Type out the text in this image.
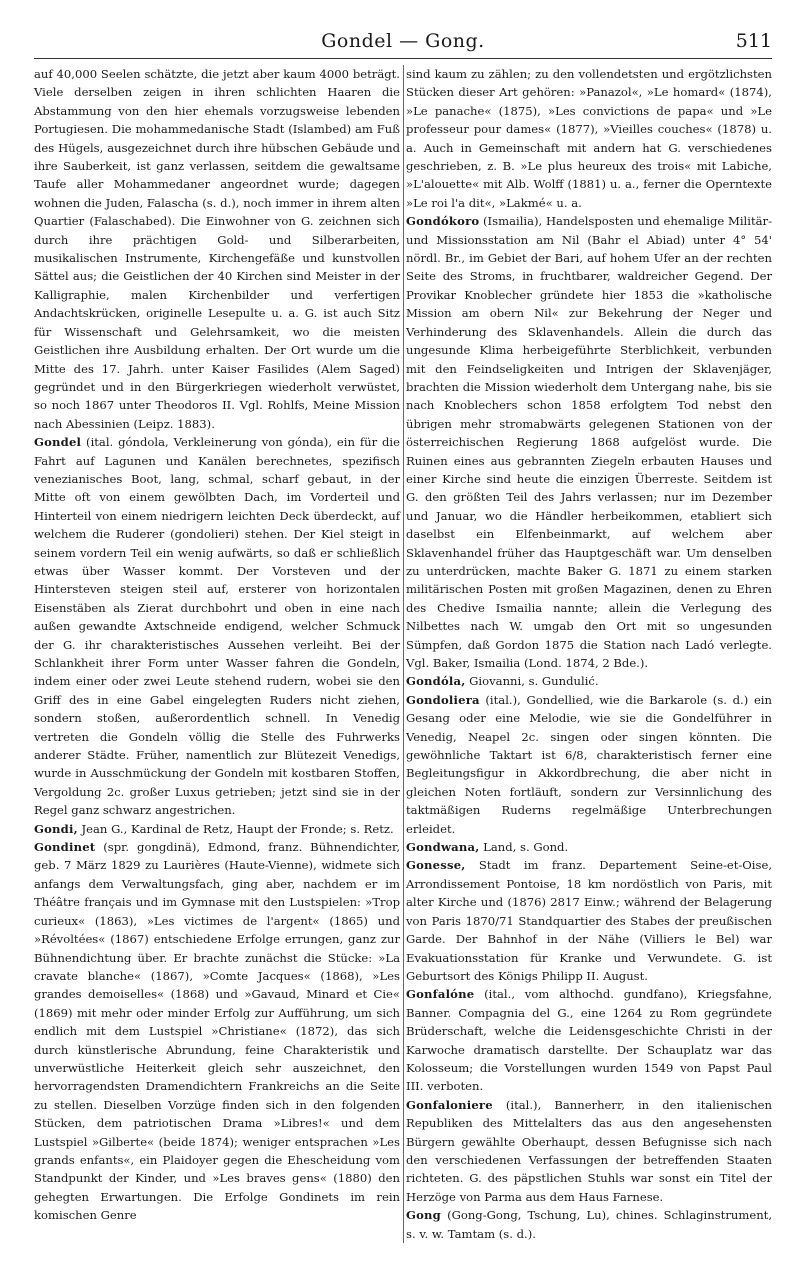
Gondel — Gong.	511

auf 40,000 Seelen schätzte, die jetzt aber kaum 4000 beträgt. Viele derselben zeigen in ihren schlichten Haaren die Abstammung von den hier ehemals vorzugsweise lebenden Portugiesen. Die mohammedanische Stadt (Islambed) am Fuß des Hügels, ausgezeichnet durch ihre hübschen Gebäude und ihre Sauberkeit, ist ganz verlassen, seitdem die gewaltsame Taufe aller Mohammedaner angeordnet wurde; dagegen wohnen die Juden, Falascha (s. d.), noch immer in ihrem alten Quartier (Falaschabed). Die Einwohner von G. zeichnen sich durch ihre prächtigen Gold- und Silberarbeiten, musikalischen Instrumente, Kirchengefäße und kunstvollen Sättel aus; die Geistlichen der 40 Kirchen sind Meister in der Kalligraphie, malen Kirchenbilder und verfertigen Andachtskrücken, originelle Lesepulte u. a. G. ist auch Sitz für Wissenschaft und Gelehrsamkeit, wo die meisten Geistlichen ihre Ausbildung erhalten. Der Ort wurde um die Mitte des 17. Jahrh. unter Kaiser Fasilides (Alem Saged) gegründet und in den Bürgerkriegen wiederholt verwüstet, so noch 1867 unter Theodoros II. Vgl. Rohlfs, Meine Mission nach Abessinien (Leipz. 1883).

Gondel (ital. góndola, Verkleinerung von gónda), ein für die Fahrt auf Lagunen und Kanälen berechnetes, spezifisch venezianisches Boot, lang, schmal, scharf gebaut, in der Mitte oft von einem gewölbten Dach, im Vorderteil und Hinterteil von einem niedrigern leichten Deck überdeckt, auf welchem die Ruderer (gondolieri) stehen. Der Kiel steigt in seinem vordern Teil ein wenig aufwärts, so daß er schließlich etwas über Wasser kommt. Der Vorsteven und der Hintersteven steigen steil auf, ersterer von horizontalen Eisenstäben als Zierat durchbohrt und oben in eine nach außen gewandte Axtschneide endigend, welcher Schmuck der G. ihr charakteristisches Aussehen verleiht. Bei der Schlankheit ihrer Form unter Wasser fahren die Gondeln, indem einer oder zwei Leute stehend rudern, wobei sie den Griff des in eine Gabel eingelegten Ruders nicht ziehen, sondern stoßen, außerordentlich schnell. In Venedig vertreten die Gondeln völlig die Stelle des Fuhrwerks anderer Städte. Früher, namentlich zur Blütezeit Venedigs, wurde in Ausschmückung der Gondeln mit kostbaren Stoffen, Vergoldung 2c. großer Luxus getrieben; jetzt sind sie in der Regel ganz schwarz angestrichen.

Gondi, Jean G., Kardinal de Retz, Haupt der Fronde; s. Retz.

Gondinet (spr. gongdinä), Edmond, franz. Bühnendichter, geb. 7 März 1829 zu Laurières (Haute-Vienne), widmete sich anfangs dem Verwaltungsfach, ging aber, nachdem er im Théâtre français und im Gymnase mit den Lustspielen: »Trop curieux« (1863), »Les victimes de l'argent« (1865) und »Révoltées« (1867) entschiedene Erfolge errungen, ganz zur Bühnendichtung über. Er brachte zunächst die Stücke: »La cravate blanche« (1867), »Comte Jacques« (1868), »Les grandes demoiselles« (1868) und »Gavaud, Minard et Cie« (1869) mit mehr oder minder Erfolg zur Aufführung, um sich endlich mit dem Lustspiel »Christiane« (1872), das sich durch künstlerische Abrundung, feine Charakteristik und unverwüstliche Heiterkeit gleich sehr auszeichnet, den hervorragendsten Dramendichtern Frankreichs an die Seite zu stellen. Dieselben Vorzüge finden sich in den folgenden Stücken, dem patriotischen Drama »Libres!« und dem Lustspiel »Gilberte« (beide 1874); weniger entsprachen »Les grands enfants«, ein Plaidoyer gegen die Ehescheidung vom Standpunkt der Kinder, und »Les braves gens« (1880) den gehegten Erwartungen. Die Erfolge Gondinets im rein komischen Genre

sind kaum zu zählen; zu den vollendetsten und ergötzlichsten Stücken dieser Art gehören: »Panazol«, »Le homard« (1874), »Le panache« (1875), »Les convictions de papa« und »Le professeur pour dames« (1877), »Vieilles couches« (1878) u. a. Auch in Gemeinschaft mit andern hat G. verschiedenes geschrieben, z. B. »Le plus heureux des trois« mit Labiche, »L'alouette« mit Alb. Wolff (1881) u. a., ferner die Operntexte »Le roi l'a dit«, »Lakmé« u. a.

Gondókoro (Ismailia), Handelsposten und ehemalige Militär- und Missionsstation am Nil (Bahr el Abiad) unter 4° 54' nördl. Br., im Gebiet der Bari, auf hohem Ufer an der rechten Seite des Stroms, in fruchtbarer, waldreicher Gegend. Der Provikar Knoblecher gründete hier 1853 die »katholische Mission am obern Nil« zur Bekehrung der Neger und Verhinderung des Sklavenhandels. Allein die durch das ungesunde Klima herbeigeführte Sterblichkeit, verbunden mit den Feindseligkeiten und Intrigen der Sklavenjäger, brachten die Mission wiederholt dem Untergang nahe, bis sie nach Knoblechers schon 1858 erfolgtem Tod nebst den übrigen mehr stromabwärts gelegenen Stationen von der österreichischen Regierung 1868 aufgelöst wurde. Die Ruinen eines aus gebrannten Ziegeln erbauten Hauses und einer Kirche sind heute die einzigen Überreste. Seitdem ist G. den größten Teil des Jahrs verlassen; nur im Dezember und Januar, wo die Händler herbeikommen, etabliert sich daselbst ein Elfenbeinmarkt, auf welchem aber Sklavenhandel früher das Hauptgeschäft war. Um denselben zu unterdrücken, machte Baker G. 1871 zu einem starken militärischen Posten mit großen Magazinen, denen zu Ehren des Chedive Ismailia nannte; allein die Verlegung des Nilbettes nach W. umgab den Ort mit so ungesunden Sümpfen, daß Gordon 1875 die Station nach Ladó verlegte. Vgl. Baker, Ismailia (Lond. 1874, 2 Bde.).

Gondóla, Giovanni, s. Gundulić.

Gondoliera (ital.), Gondellied, wie die Barkarole (s. d.) ein Gesang oder eine Melodie, wie sie die Gondelführer in Venedig, Neapel 2c. singen oder singen könnten. Die gewöhnliche Taktart ist 6/8, charakteristisch ferner eine Begleitungsfigur in Akkordbrechung, die aber nicht in gleichen Noten fortläuft, sondern zur Versinnlichung des taktmäßigen Ruderns regelmäßige Unterbrechungen erleidet.

Gondwana, Land, s. Gond.

Gonesse, Stadt im franz. Departement Seine-et-Oise, Arrondissement Pontoise, 18 km nordöstlich von Paris, mit alter Kirche und (1876) 2817 Einw.; während der Belagerung von Paris 1870/71 Standquartier des Stabes der preußischen Garde. Der Bahnhof in der Nähe (Villiers le Bel) war Evakuationsstation für Kranke und Verwundete. G. ist Geburtsort des Königs Philipp II. August.

Gonfalóne (ital., vom althochd. gundfano), Kriegsfahne, Banner. Compagnia del G., eine 1264 zu Rom gegründete Brüderschaft, welche die Leidensgeschichte Christi in der Karwoche dramatisch darstellte. Der Schauplatz war das Kolosseum; die Vorstellungen wurden 1549 von Papst Paul III. verboten.

Gonfaloniere (ital.), Bannerherr, in den italienischen Republiken des Mittelalters das aus den angesehensten Bürgern gewählte Oberhaupt, dessen Befugnisse sich nach den verschiedenen Verfassungen der betreffenden Staaten richteten. G. des päpstlichen Stuhls war sonst ein Titel der Herzöge von Parma aus dem Haus Farnese.

Gong (Gong-Gong, Tschung, Lu), chines. Schlaginstrument, s. v. w. Tamtam (s. d.).
